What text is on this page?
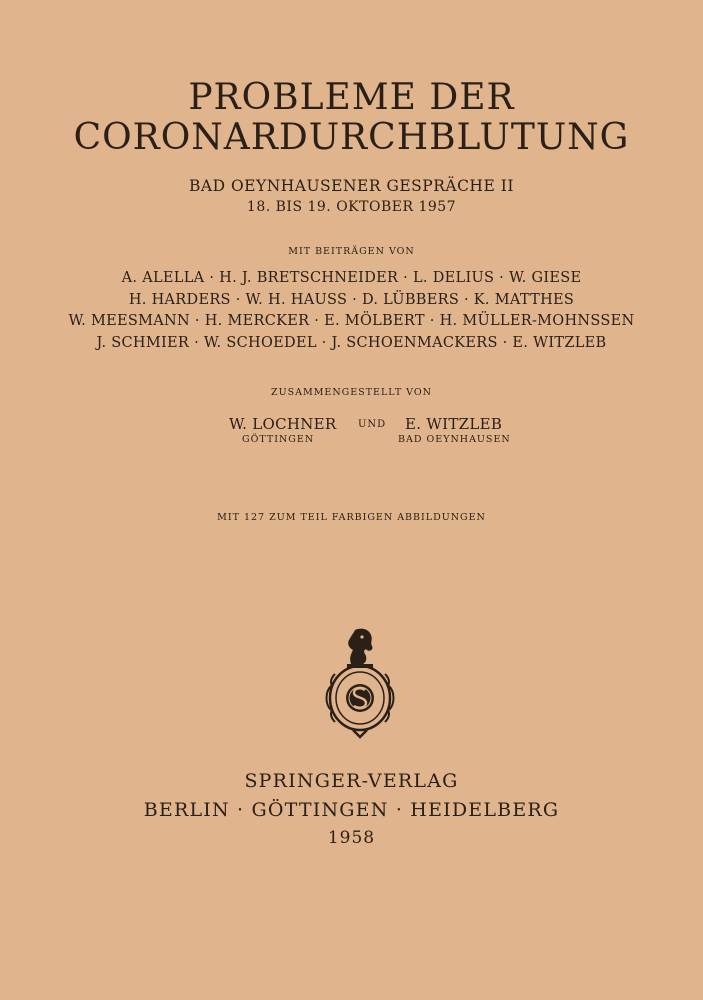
PROBLEME DER
CORONARDURCHBLUTUNG
BAD OEYNHAUSENER GESPRÄCHE II
18. BIS 19. OKTOBER 1957
MIT BEITRÄGEN VON
A. ALELLA · H. J. BRETSCHNEIDER · L. DELIUS · W. GIESE
H. HARDERS · W. H. HAUSS · D. LÜBBERS · K. MATTHES
W. MEESMANN · H. MERCKER · E. MÖLBERT · H. MÜLLER-MOHNSSEN
J. SCHMIER · W. SCHOEDEL · J. SCHOENMACKERS · E. WITZLEB
ZUSAMMENGESTELLT VON
W. LOCHNER
GÖTTINGEN
UND E. WITZLEB
BAD OEYNHAUSEN
MIT 127 ZUM TEIL FARBIGEN ABBILDUNGEN
SPRINGER-VERLAG
BERLIN · GÖTTINGEN · HEIDELBERG
1958
